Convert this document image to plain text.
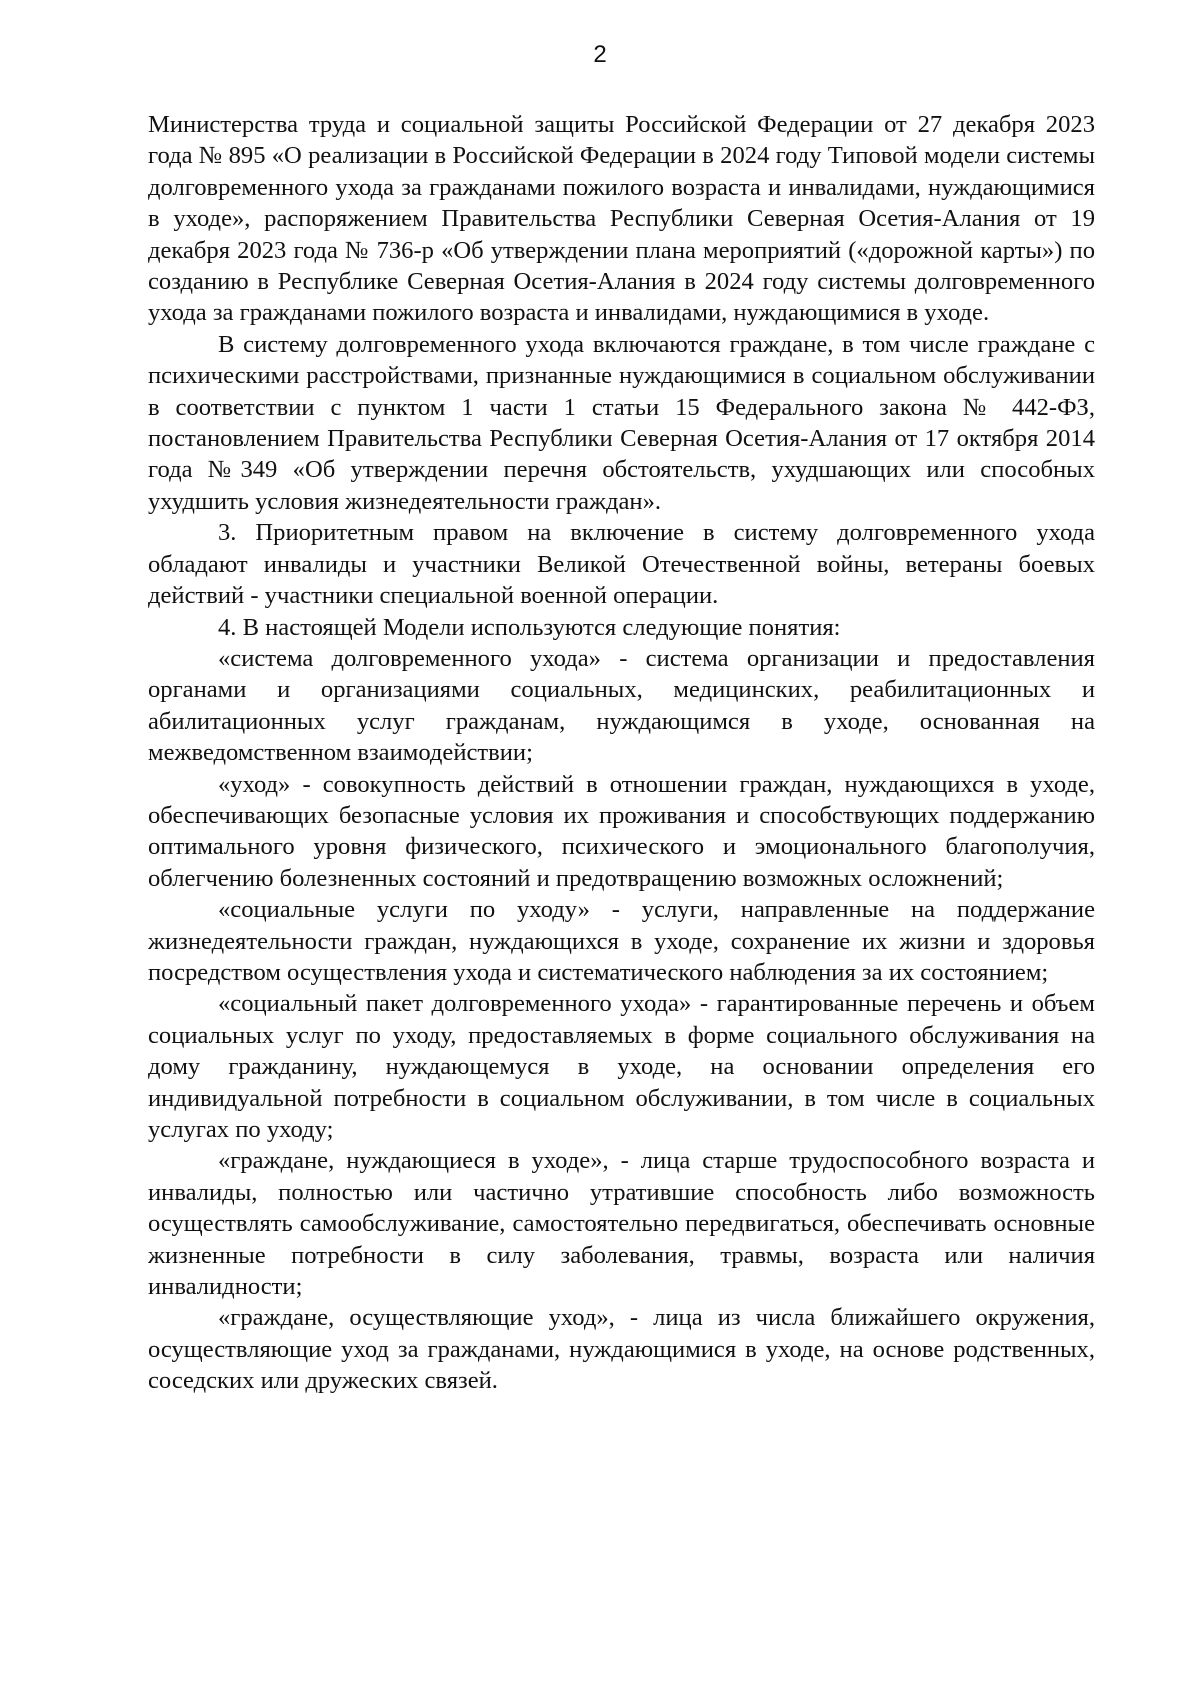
2

Министерства труда и социальной защиты Российской Федерации от 27 декабря 2023 года № 895 «О реализации в Российской Федерации в 2024 году Типовой модели системы долговременного ухода за гражданами пожилого возраста и инвалидами, нуждающимися в уходе», распоряжением Правительства Республики Северная Осетия-Алания от 19 декабря 2023 года № 736-р «Об утверждении плана мероприятий («дорожной карты») по созданию в Республике Северная Осетия-Алания в 2024 году системы долговременного ухода за гражданами пожилого возраста и инвалидами, нуждающимися в уходе.

В систему долговременного ухода включаются граждане, в том числе граждане с психическими расстройствами, признанные нуждающимися в социальном обслуживании в соответствии с пунктом 1 части 1 статьи 15 Федерального закона № 442-ФЗ, постановлением Правительства Республики Северная Осетия-Алания от 17 октября 2014 года №349 «Об утверждении перечня обстоятельств, ухудшающих или способных ухудшить условия жизнедеятельности граждан».

3. Приоритетным правом на включение в систему долговременного ухода обладают инвалиды и участники Великой Отечественной войны, ветераны боевых действий - участники специальной военной операции.

4. В настоящей Модели используются следующие понятия:

«система долговременного ухода» - система организации и предоставления органами и организациями социальных, медицинских, реабилитационных и абилитационных услуг гражданам, нуждающимся в уходе, основанная на межведомственном взаимодействии;

«уход» - совокупность действий в отношении граждан, нуждающихся в уходе, обеспечивающих безопасные условия их проживания и способствующих поддержанию оптимального уровня физического, психического и эмоционального благополучия, облегчению болезненных состояний и предотвращению возможных осложнений;

«социальные услуги по уходу» - услуги, направленные на поддержание жизнедеятельности граждан, нуждающихся в уходе, сохранение их жизни и здоровья посредством осуществления ухода и систематического наблюдения за их состоянием;

«социальный пакет долговременного ухода» - гарантированные перечень и объем социальных услуг по уходу, предоставляемых в форме социального обслуживания на дому гражданину, нуждающемуся в уходе, на основании определения его индивидуальной потребности в социальном обслуживании, в том числе в социальных услугах по уходу;

«граждане, нуждающиеся в уходе», - лица старше трудоспособного возраста и инвалиды, полностью или частично утратившие способность либо возможность осуществлять самообслуживание, самостоятельно передвигаться, обеспечивать основные жизненные потребности в силу заболевания, травмы, возраста или наличия инвалидности;

«граждане, осуществляющие уход», - лица из числа ближайшего окружения, осуществляющие уход за гражданами, нуждающимися в уходе, на основе родственных, соседских или дружеских связей.
